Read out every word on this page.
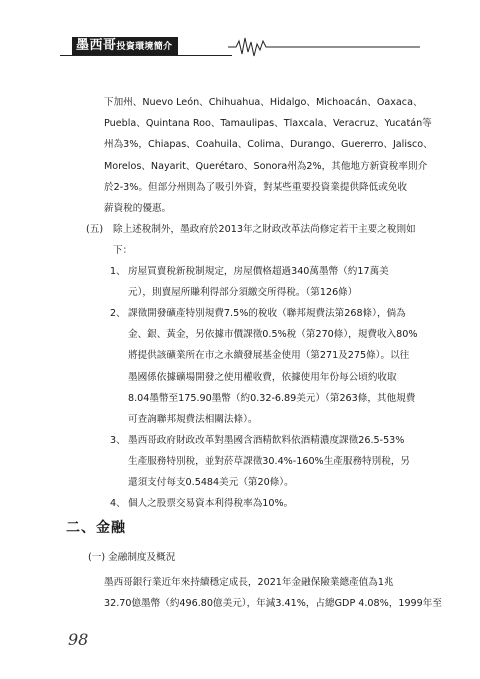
墨西哥投資環境簡介
下加州、Nuevo León、Chihuahua、Hidalgo、Michoacán、Oaxaca、
Puebla、Quintana Roo、Tamaulipas、Tlaxcala、Veracruz、Yucatán等
州為3%，Chiapas、Coahuila、Colima、Durango、Guererro、Jalisco、
Morelos、Nayarit、Querétaro、Sonora州為2%，其他地方新資稅率則介
於2-3%。但部分州則為了吸引外資，對某些重要投資業提供降低或免收
薪資稅的優惠。
(五) 除上述稅制外，墨政府於2013年之財政改革法尚修定若干主要之稅則如
下：
1、 房屋買賣稅新稅制規定，房屋價格超過340萬墨幣（約17萬美
元），則賣屋所賺利得部分須繳交所得稅。（第126條）
2、 課徵開發礦產特別規費7.5%的稅收（聯邦規費法第268條），倘為
金、銀、黃金，另依據市價課徵0.5%稅（第270條），規費收入80%
將提供該礦業所在市之永續發展基金使用（第271及275條）。以往
墨國係依據礦場開發之使用權收費，依據使用年份每公頃約收取
8.04墨幣至175.90墨幣（約0.32-6.89美元）（第263條，其他規費
可查詢聯邦規費法相關法條）。
3、 墨西哥政府財政改革對墨國含酒精飲料依酒精濃度課徵26.5-53%
生產服務特別稅，並對菸草課徵30.4%-160%生產服務特別稅，另
還須支付每支0.5484美元（第20條）。
4、 個人之股票交易資本利得稅率為10%。
二、金融
(一) 金融制度及概況
墨西哥銀行業近年來持續穩定成長，2021年金融保險業總產值為1兆
32.70億墨幣（約496.80億美元），年減3.41%，占總GDP 4.08%，1999年至
98
